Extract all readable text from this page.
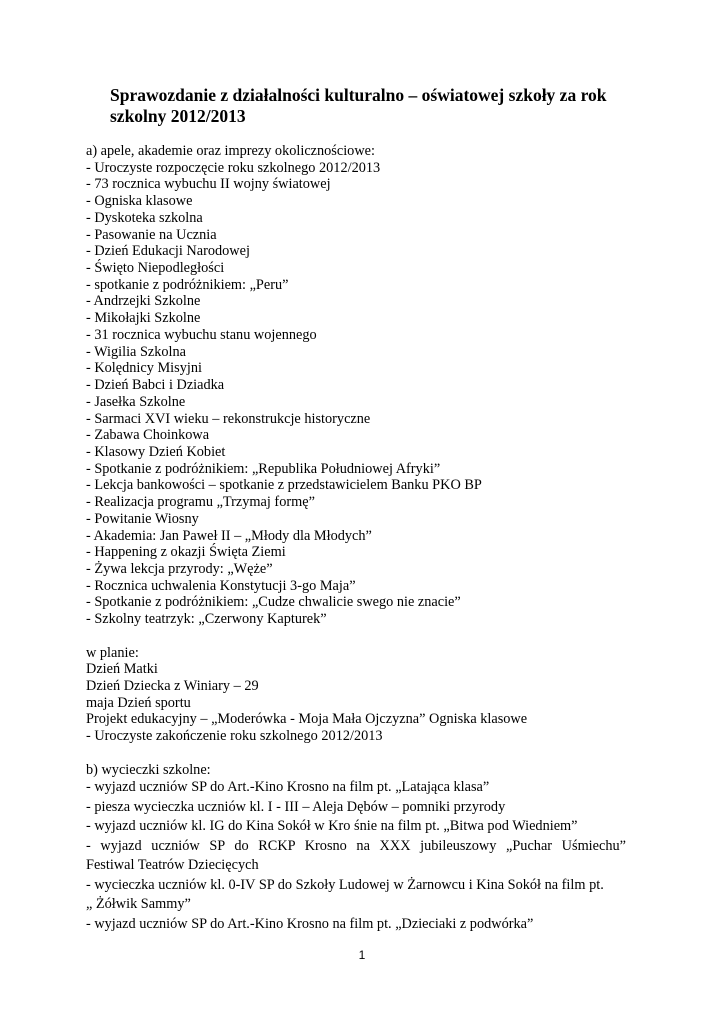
Sprawozdanie z działalności kulturalno – oświatowej szkoły za rok szkolny 2012/2013
a) apele, akademie oraz imprezy okolicznościowe:
- Uroczyste rozpoczęcie roku szkolnego 2012/2013
- 73 rocznica wybuchu II wojny światowej
- Ogniska klasowe
- Dyskoteka szkolna
- Pasowanie na Ucznia
- Dzień Edukacji Narodowej
- Święto Niepodległości
- spotkanie z podróżnikiem: „Peru”
- Andrzejki Szkolne
- Mikołajki Szkolne
- 31 rocznica wybuchu stanu wojennego
- Wigilia Szkolna
- Kolędnicy Misyjni
- Dzień Babci i Dziadka
- Jasełka Szkolne
- Sarmaci XVI wieku – rekonstrukcje historyczne
- Zabawa Choinkowa
- Klasowy Dzień Kobiet
- Spotkanie z podróżnikiem: „Republika Południowej Afryki”
- Lekcja bankowości – spotkanie z przedstawicielem Banku PKO BP
- Realizacja programu „Trzymaj formę”
- Powitanie Wiosny
- Akademia: Jan Paweł II – „Młody dla Młodych”
- Happening z okazji Święta Ziemi
- Żywa lekcja przyrody: „Węże”
- Rocznica uchwalenia Konstytucji 3-go Maja”
- Spotkanie z podróżnikiem: „Cudze chwalicie swego nie znacie”
- Szkolny teatrzyk: „Czerwony Kapturek”
w planie:
Dzień Matki
Dzień Dziecka z Winiary – 29
maja Dzień sportu
Projekt edukacyjny – „Moderówka - Moja Mała Ojczyzna” Ogniska klasowe
- Uroczyste zakończenie roku szkolnego 2012/2013
b) wycieczki szkolne:
- wyjazd uczniów SP do Art.-Kino Krosno na film pt. „Latająca klasa”
- piesza wycieczka uczniów kl. I - III – Aleja Dębów – pomniki przyrody
- wyjazd uczniów kl. IG do Kina Sokół w Kro śnie na film pt. „Bitwa pod Wiedniem”
- wyjazd uczniów SP do RCKP Krosno na XXX jubileuszowy „Puchar Uśmiechu”
Festiwal Teatrów Dziecięcych
- wycieczka uczniów kl. 0-IV SP do Szkoły Ludowej w Żarnowcu i Kina Sokół na film pt.
„ Żółwik Sammy”
- wyjazd uczniów SP do Art.-Kino Krosno na film pt. „Dzieciaki z podwórka”
1
